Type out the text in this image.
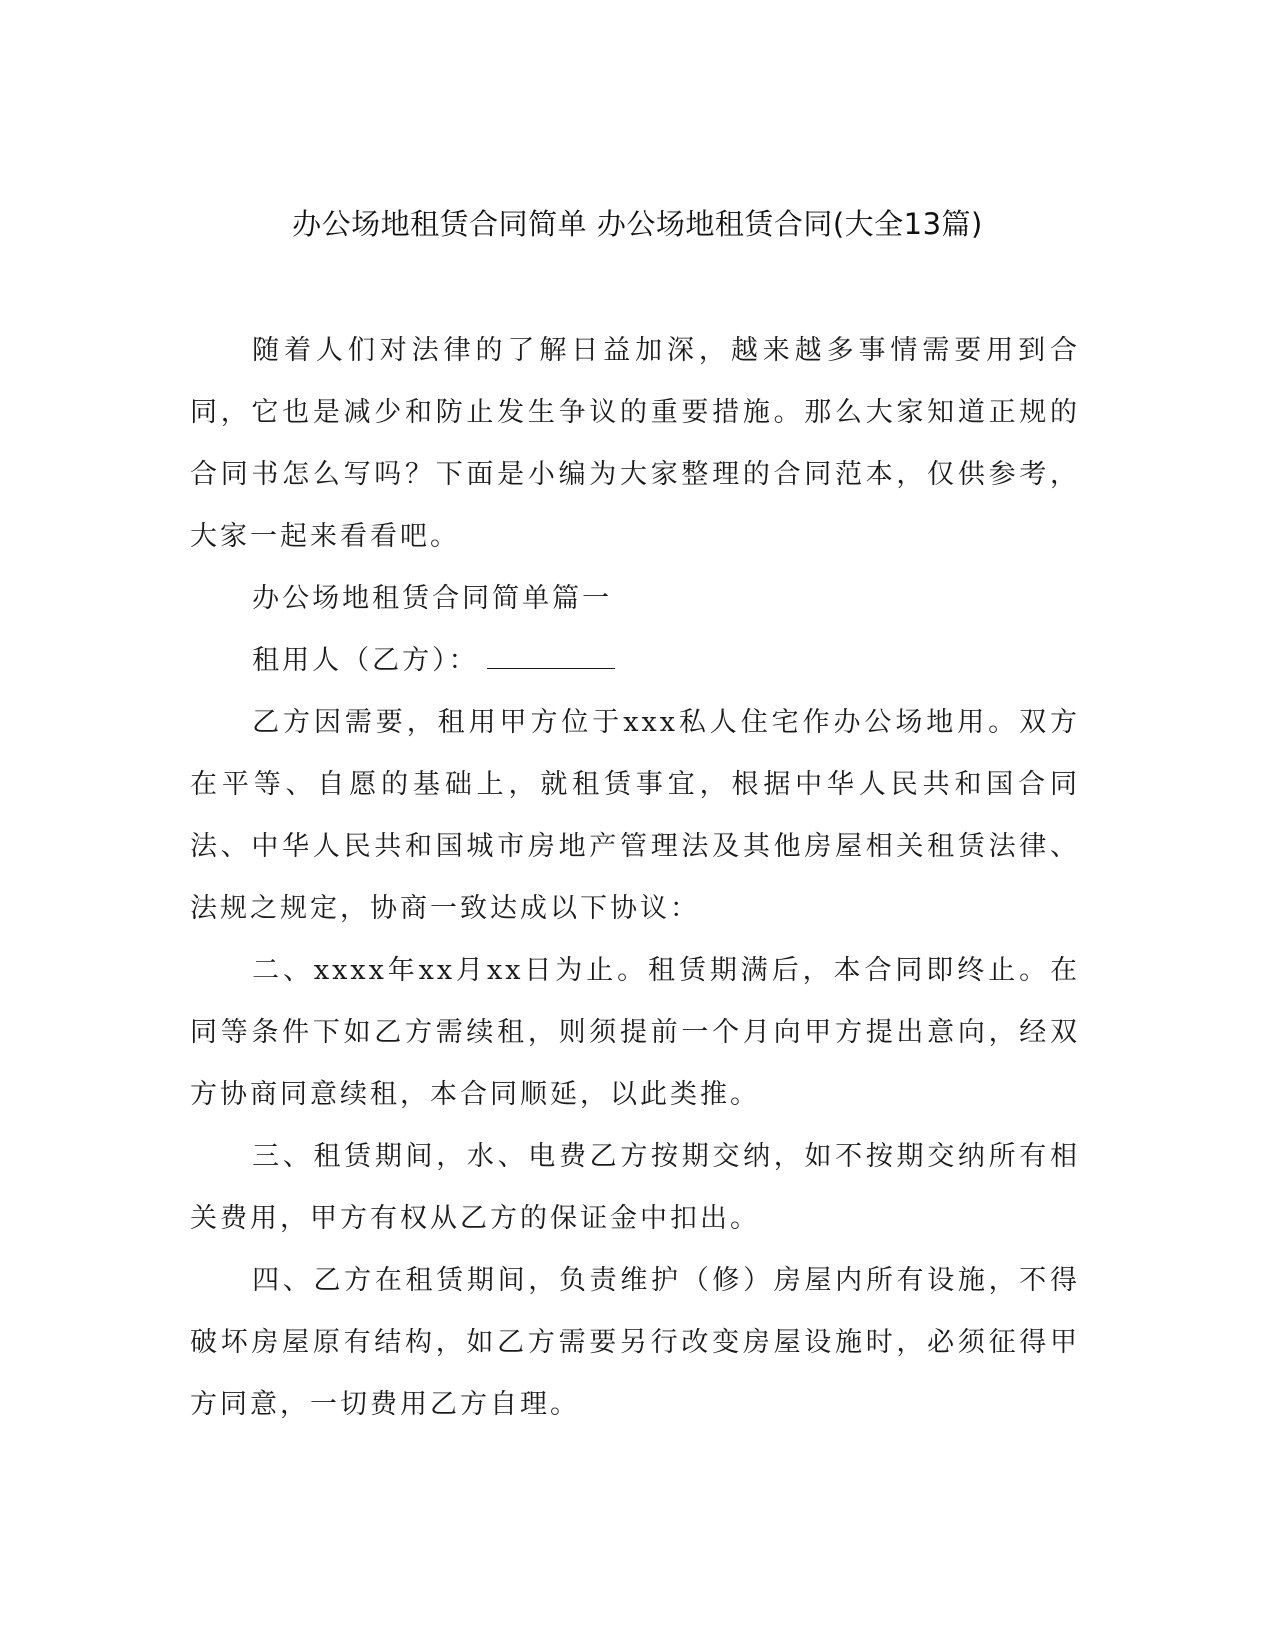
办公场地租赁合同简单 办公场地租赁合同(大全13篇)

随着人们对法律的了解日益加深，越来越多事情需要用到合同，它也是减少和防止发生争议的重要措施。那么大家知道正规的合同书怎么写吗？下面是小编为大家整理的合同范本，仅供参考，大家一起来看看吧。

办公场地租赁合同简单篇一

租用人（乙方）：

乙方因需要，租用甲方位于xxx私人住宅作办公场地用。双方在平等、自愿的基础上，就租赁事宜，根据中华人民共和国合同法、中华人民共和国城市房地产管理法及其他房屋相关租赁法律、法规之规定，协商一致达成以下协议：

二、xxxx年xx月xx日为止。租赁期满后，本合同即终止。在同等条件下如乙方需续租，则须提前一个月向甲方提出意向，经双方协商同意续租，本合同顺延，以此类推。

三、租赁期间，水、电费乙方按期交纳，如不按期交纳所有相关费用，甲方有权从乙方的保证金中扣出。

四、乙方在租赁期间，负责维护（修）房屋内所有设施，不得破坏房屋原有结构，如乙方需要另行改变房屋设施时，必须征得甲方同意，一切费用乙方自理。
